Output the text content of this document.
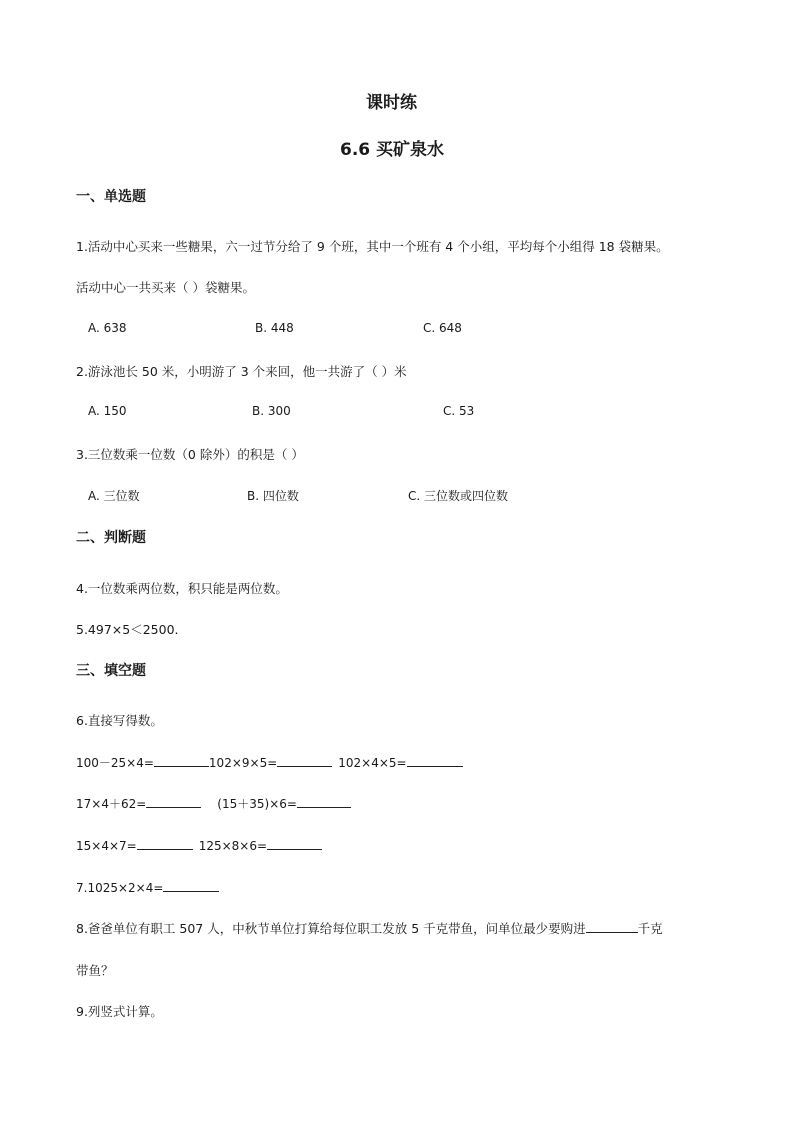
课时练
6.6 买矿泉水
一、单选题
1.活动中心买来一些糖果，六一过节分给了 9 个班，其中一个班有 4 个小组，平均每个小组得 18 袋糖果。
活动中心一共买来（ ）袋糖果。
A. 638	B. 448	C. 648
2.游泳池长 50 米，小明游了 3 个来回，他一共游了（ ）米
A. 150	B. 300	C. 53
3.三位数乘一位数（0 除外）的积是（ ）
A. 三位数	B. 四位数	C. 三位数或四位数
二、判断题
4.一位数乘两位数，积只能是两位数。
5.497×5＜2500.
三、填空题
6.直接写得数。
100－25×4=	102×9×5=	102×4×5=
17×4＋62=	(15＋35)×6=
15×4×7=	125×8×6=
7.1025×2×4=
8.爸爸单位有职工 507 人，中秋节单位打算给每位职工发放 5 千克带鱼，问单位最少要购进	千克
带鱼？
9.列竖式计算。
